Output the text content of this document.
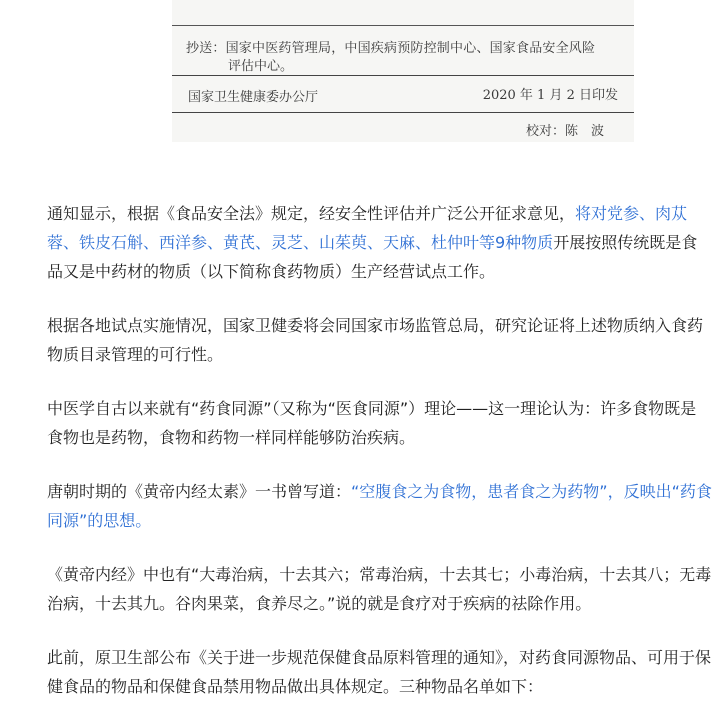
抄送：国家中医药管理局，中国疾病预防控制中心、国家食品安全风险
评估中心。
国家卫生健康委办公厅	2020 年 1 月 2 日印发
校对：陈　波

通知显示，根据《食品安全法》规定，经安全性评估并广泛公开征求意见，将对党参、肉苁蓉、铁皮石斛、西洋参、黄芪、灵芝、山茱萸、天麻、杜仲叶等9种物质开展按照传统既是食品又是中药材的物质（以下简称食药物质）生产经营试点工作。

根据各地试点实施情况，国家卫健委将会同国家市场监管总局，研究论证将上述物质纳入食药物质目录管理的可行性。

中医学自古以来就有“药食同源”（又称为“医食同源”）理论——这一理论认为：许多食物既是食物也是药物，食物和药物一样同样能够防治疾病。

唐朝时期的《黄帝内经太素》一书曾写道：“空腹食之为食物，患者食之为药物”，反映出“药食同源”的思想。

《黄帝内经》中也有“大毒治病，十去其六；常毒治病，十去其七；小毒治病，十去其八；无毒治病，十去其九。谷肉果菜，食养尽之。”说的就是食疗对于疾病的祛除作用。

此前，原卫生部公布《关于进一步规范保健食品原料管理的通知》，对药食同源物品、可用于保健食品的物品和保健食品禁用物品做出具体规定。三种物品名单如下：
